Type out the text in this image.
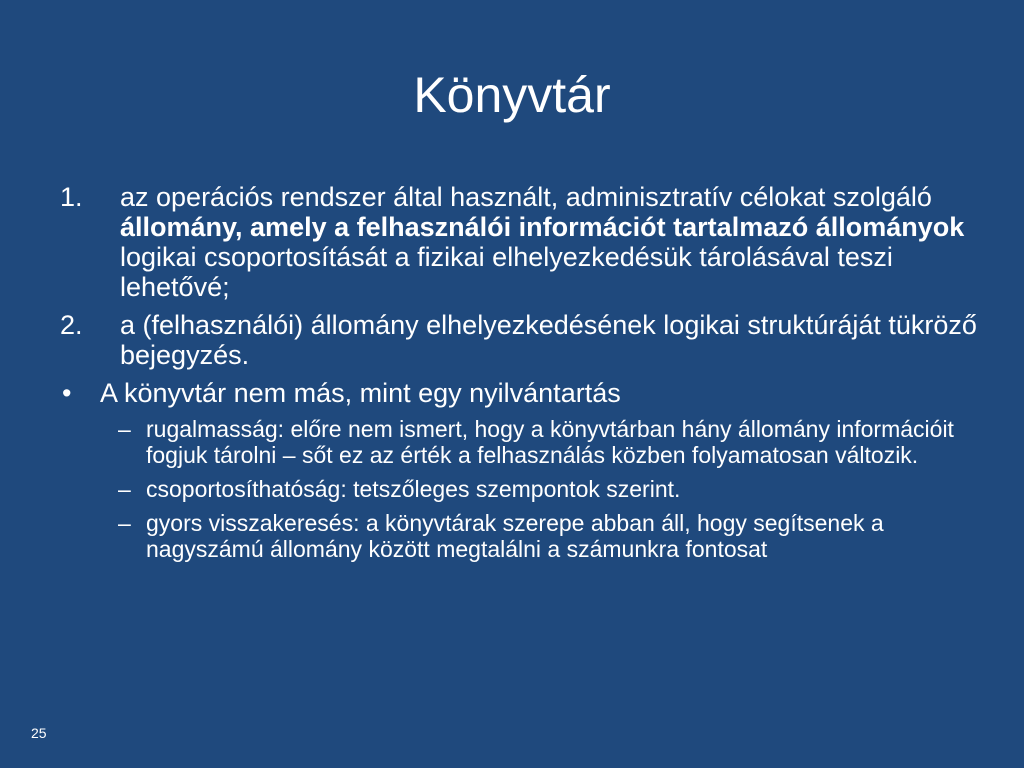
Könyvtár
1. az operációs rendszer által használt, adminisztratív célokat szolgáló állomány, amely a felhasználói információt tartalmazó állományok logikai csoportosítását a fizikai elhelyezkedésük tárolásával teszi lehetővé;
2. a (felhasználói) állomány elhelyezkedésének logikai struktúráját tükröző bejegyzés.
• A könyvtár nem más, mint egy nyilvántartás
– rugalmasság: előre nem ismert, hogy a könyvtárban hány állomány információit fogjuk tárolni – sőt ez az érték a felhasználás közben folyamatosan változik.
– csoportosíthatóság: tetszőleges szempontok szerint.
– gyors visszakeresés: a könyvtárak szerepe abban áll, hogy segítsenek a nagyszámú állomány között megtalálni a számunkra fontosat
25
